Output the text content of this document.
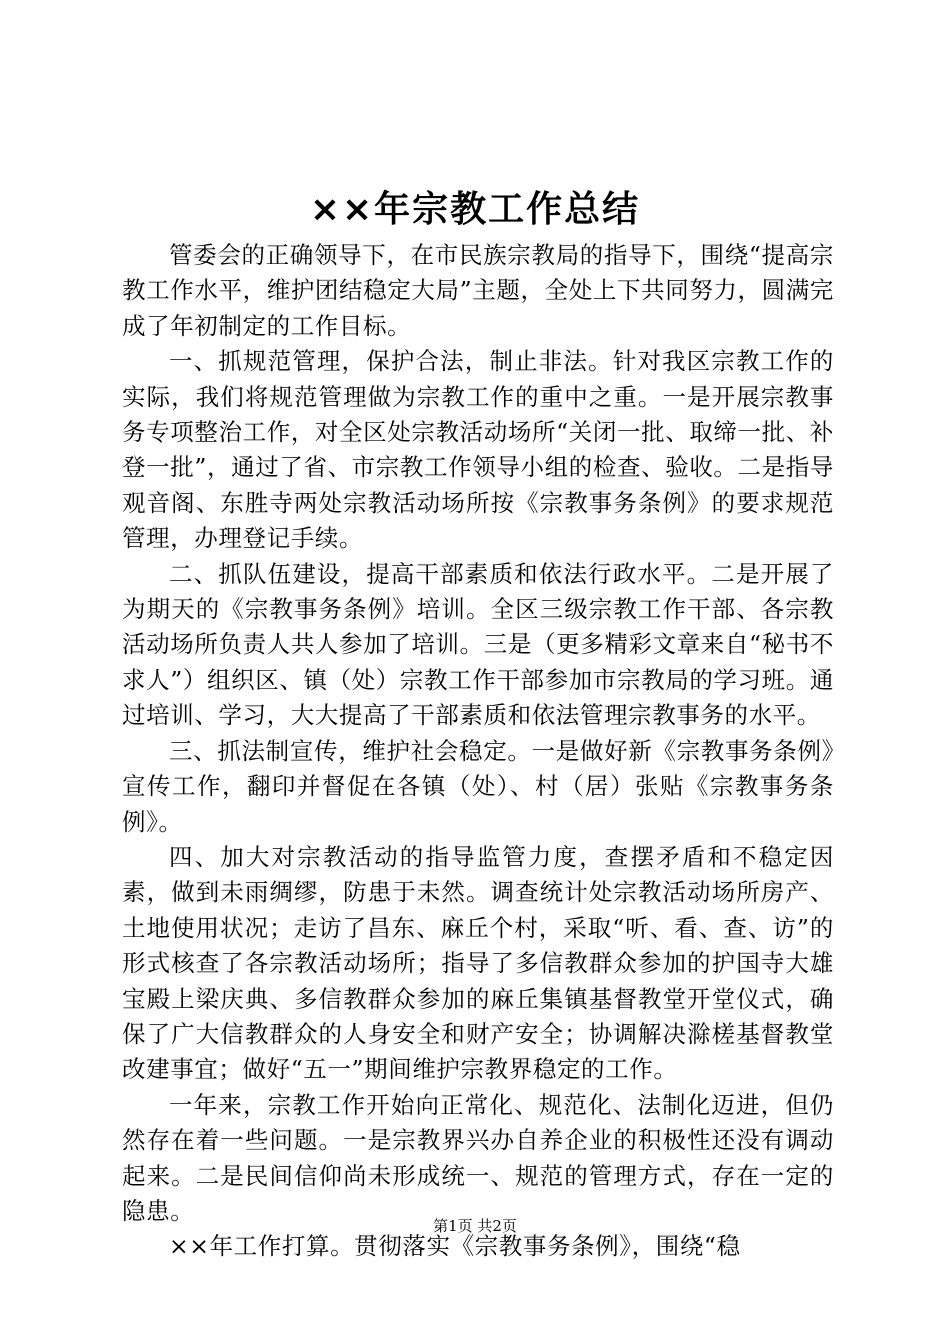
××年宗教工作总结

管委会的正确领导下，在市民族宗教局的指导下，围绕“提高宗教工作水平，维护团结稳定大局”主题，全处上下共同努力，圆满完成了年初制定的工作目标。

一、抓规范管理，保护合法，制止非法。针对我区宗教工作的实际，我们将规范管理做为宗教工作的重中之重。一是开展宗教事务专项整治工作，对全区处宗教活动场所“关闭一批、取缔一批、补登一批”，通过了省、市宗教工作领导小组的检查、验收。二是指导观音阁、东胜寺两处宗教活动场所按《宗教事务条例》的要求规范管理，办理登记手续。

二、抓队伍建设，提高干部素质和依法行政水平。二是开展了为期天的《宗教事务条例》培训。全区三级宗教工作干部、各宗教活动场所负责人共人参加了培训。三是（更多精彩文章来自“秘书不求人”）组织区、镇（处）宗教工作干部参加市宗教局的学习班。通过培训、学习，大大提高了干部素质和依法管理宗教事务的水平。

三、抓法制宣传，维护社会稳定。一是做好新《宗教事务条例》宣传工作，翻印并督促在各镇（处）、村（居）张贴《宗教事务条例》。

四、加大对宗教活动的指导监管力度，查摆矛盾和不稳定因素，做到未雨绸缪，防患于未然。调查统计处宗教活动场所房产、土地使用状况；走访了昌东、麻丘个村，采取“听、看、查、访”的形式核查了各宗教活动场所；指导了多信教群众参加的护国寺大雄宝殿上梁庆典、多信教群众参加的麻丘集镇基督教堂开堂仪式，确保了广大信教群众的人身安全和财产安全；协调解决滁槎基督教堂改建事宜；做好“五一”期间维护宗教界稳定的工作。

一年来，宗教工作开始向正常化、规范化、法制化迈进，但仍然存在着一些问题。一是宗教界兴办自养企业的积极性还没有调动起来。二是民间信仰尚未形成统一、规范的管理方式，存在一定的隐患。

××年工作打算。贯彻落实《宗教事务条例》，围绕“稳

第1页 共2页
